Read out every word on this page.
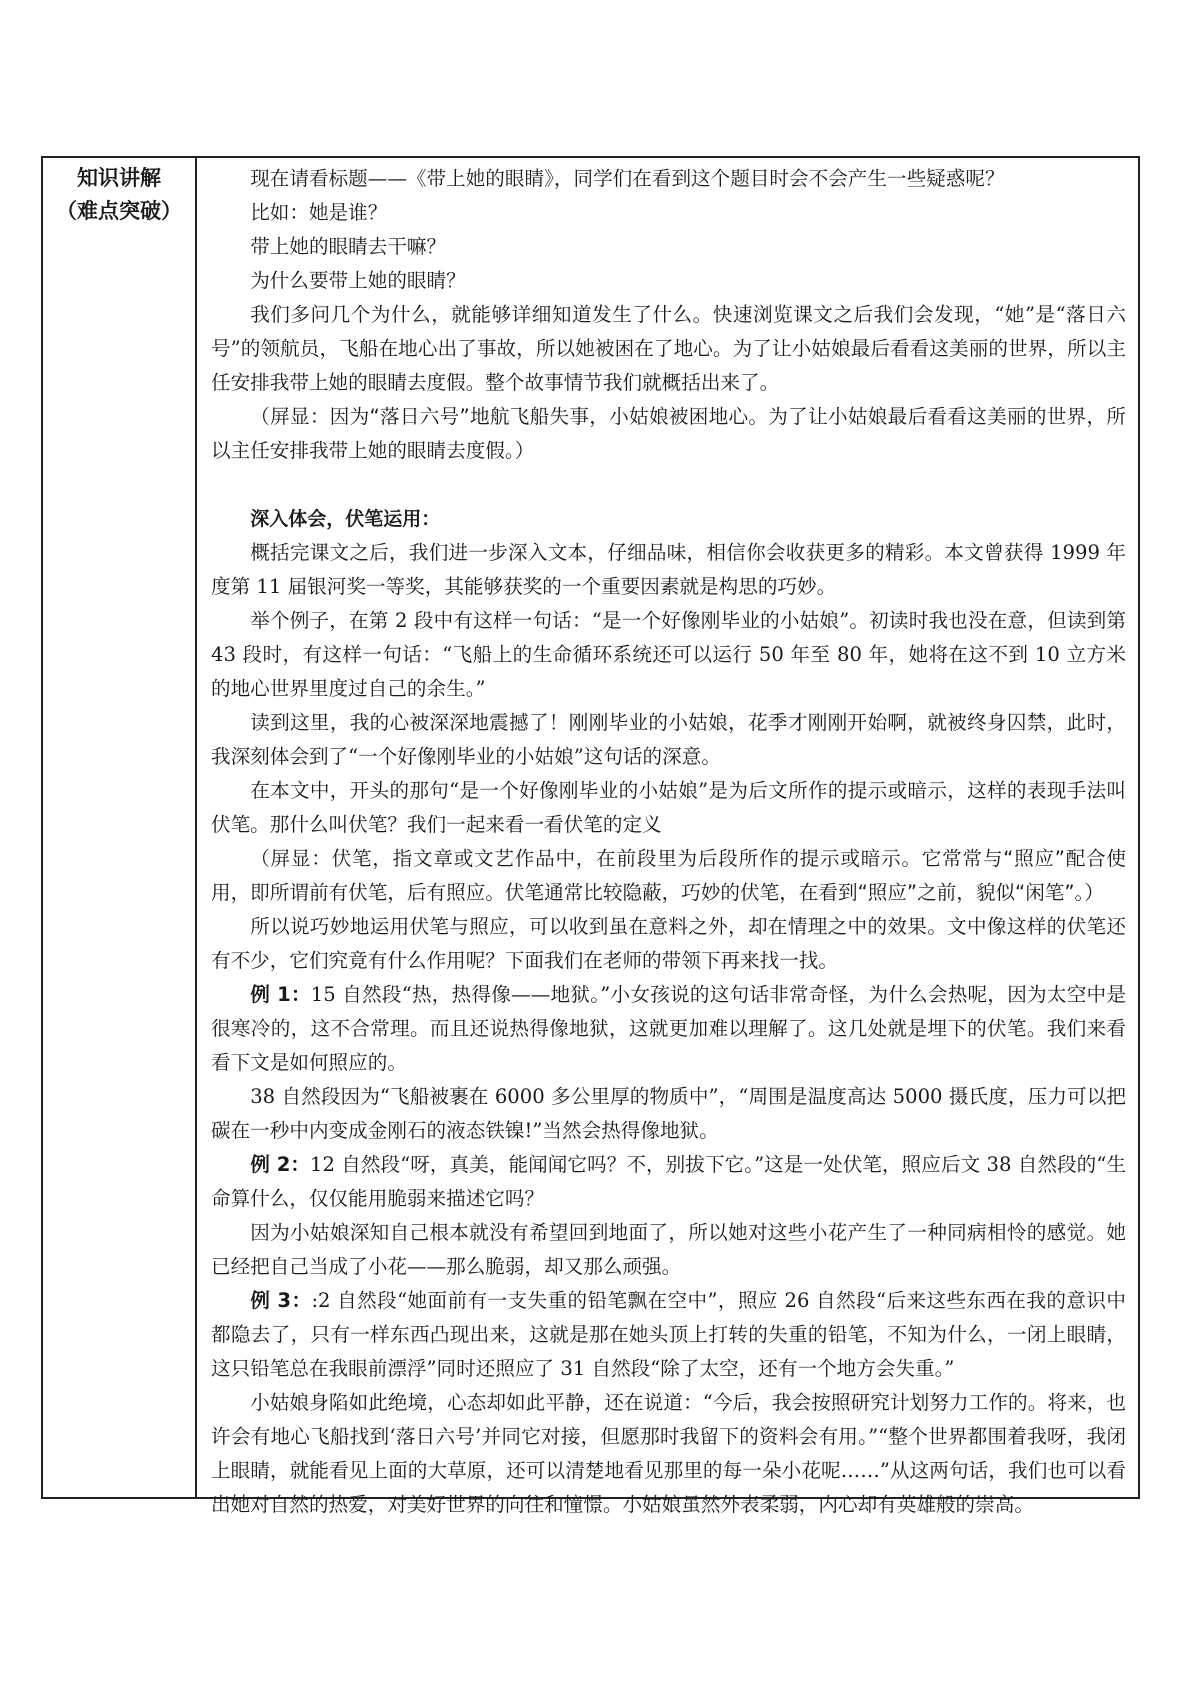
知识讲解
（难点突破）

现在请看标题——《带上她的眼睛》，同学们在看到这个题目时会不会产生一些疑惑呢？

比如：她是谁？

带上她的眼睛去干嘛？

为什么要带上她的眼睛？

我们多问几个为什么，就能够详细知道发生了什么。快速浏览课文之后我们会发现，“她”是“落日六号”的领航员，飞船在地心出了事故，所以她被困在了地心。为了让小姑娘最后看看这美丽的世界，所以主任安排我带上她的眼睛去度假。整个故事情节我们就概括出来了。

（屏显：因为“落日六号”地航飞船失事，小姑娘被困地心。为了让小姑娘最后看看这美丽的世界，所以主任安排我带上她的眼睛去度假。）

深入体会，伏笔运用：

概括完课文之后，我们进一步深入文本，仔细品味，相信你会收获更多的精彩。本文曾获得 1999 年度第 11 届银河奖一等奖，其能够获奖的一个重要因素就是构思的巧妙。

举个例子，在第 2 段中有这样一句话：“是一个好像刚毕业的小姑娘”。初读时我也没在意，但读到第 43 段时，有这样一句话：“飞船上的生命循环系统还可以运行 50 年至 80 年，她将在这不到 10 立方米的地心世界里度过自己的余生。”

读到这里，我的心被深深地震撼了！刚刚毕业的小姑娘，花季才刚刚开始啊，就被终身囚禁，此时，我深刻体会到了“一个好像刚毕业的小姑娘”这句话的深意。

在本文中，开头的那句“是一个好像刚毕业的小姑娘”是为后文所作的提示或暗示，这样的表现手法叫伏笔。那什么叫伏笔？我们一起来看一看伏笔的定义

（屏显：伏笔，指文章或文艺作品中，在前段里为后段所作的提示或暗示。它常常与“照应”配合使用，即所谓前有伏笔，后有照应。伏笔通常比较隐蔽，巧妙的伏笔，在看到“照应”之前，貌似“闲笔”。）

所以说巧妙地运用伏笔与照应，可以收到虽在意料之外，却在情理之中的效果。文中像这样的伏笔还有不少，它们究竟有什么作用呢？下面我们在老师的带领下再来找一找。

例 1：15 自然段“热，热得像——地狱。”小女孩说的这句话非常奇怪，为什么会热呢，因为太空中是很寒冷的，这不合常理。而且还说热得像地狱，这就更加难以理解了。这几处就是埋下的伏笔。我们来看看下文是如何照应的。

38 自然段因为“飞船被裹在 6000 多公里厚的物质中”，“周围是温度高达 5000 摄氏度，压力可以把碳在一秒中内变成金刚石的液态铁镍!”当然会热得像地狱。

例 2：12 自然段“呀，真美，能闻闻它吗？不，别拔下它。”这是一处伏笔，照应后文 38 自然段的“生命算什么，仅仅能用脆弱来描述它吗？

因为小姑娘深知自己根本就没有希望回到地面了，所以她对这些小花产生了一种同病相怜的感觉。她已经把自己当成了小花——那么脆弱，却又那么顽强。

例 3：:2 自然段“她面前有一支失重的铅笔飘在空中”，照应 26 自然段“后来这些东西在我的意识中都隐去了，只有一样东西凸现出来，这就是那在她头顶上打转的失重的铅笔，不知为什么，一闭上眼睛，这只铅笔总在我眼前漂浮”同时还照应了 31 自然段“除了太空，还有一个地方会失重。”

小姑娘身陷如此绝境，心态却如此平静，还在说道：“今后，我会按照研究计划努力工作的。将来，也许会有地心飞船找到‘落日六号’并同它对接，但愿那时我留下的资料会有用。”“整个世界都围着我呀，我闭上眼睛，就能看见上面的大草原，还可以清楚地看见那里的每一朵小花呢……”从这两句话，我们也可以看出她对自然的热爱，对美好世界的向往和憧憬。小姑娘虽然外表柔弱，内心却有英雄般的崇高。
